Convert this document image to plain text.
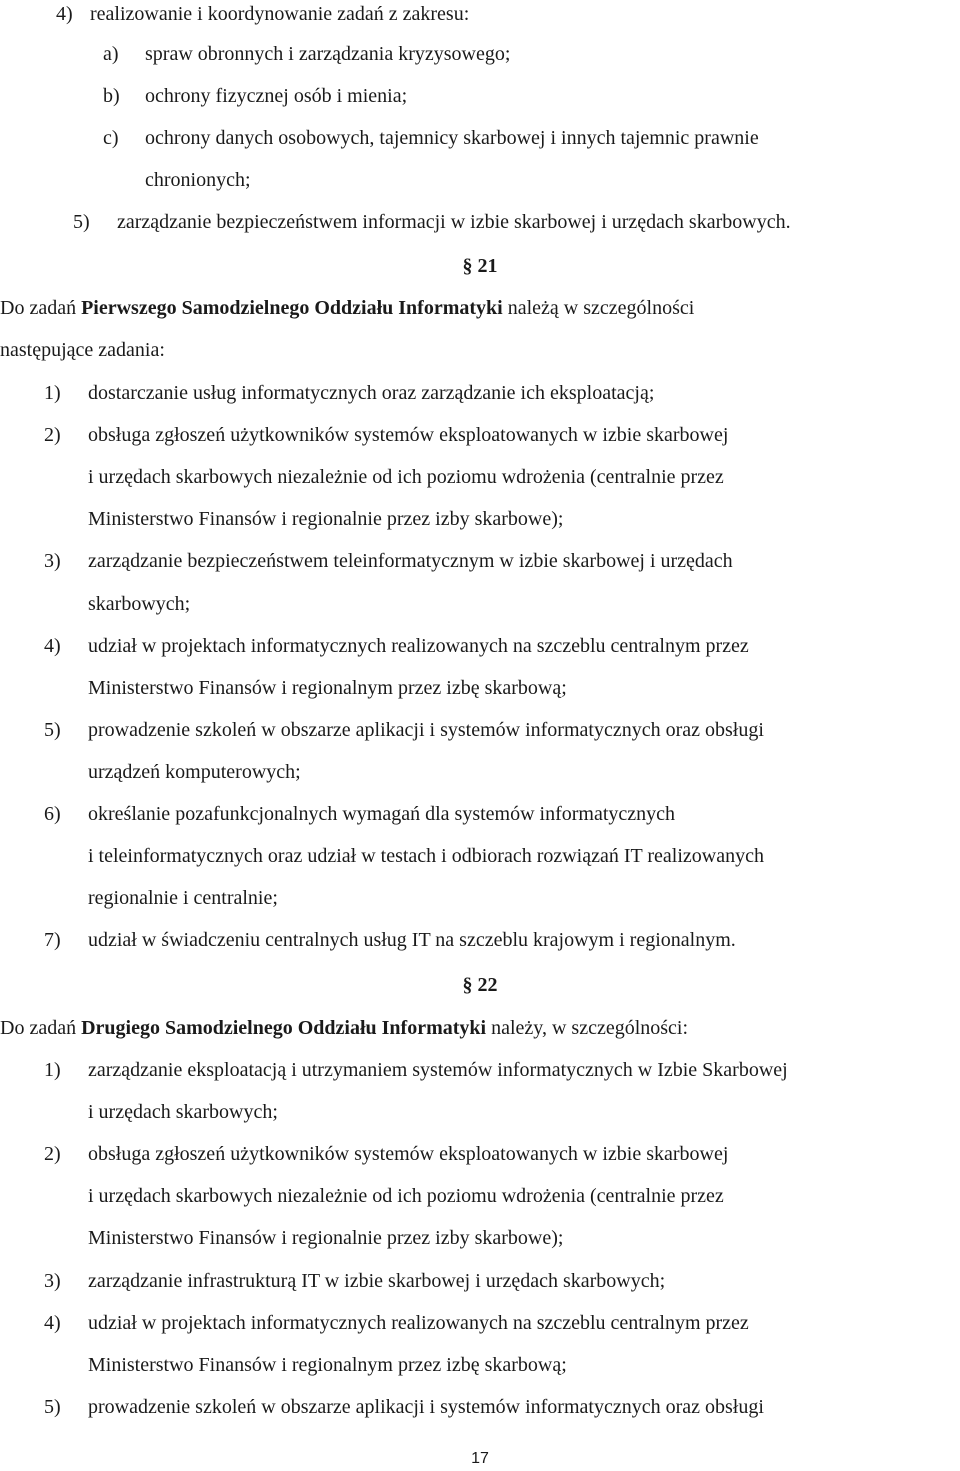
4) realizowanie i koordynowanie zadań z zakresu:
a) spraw obronnych i zarządzania kryzysowego;
b) ochrony fizycznej osób i mienia;
c) ochrony danych osobowych, tajemnicy skarbowej i innych tajemnic prawnie
chronionych;
5) zarządzanie bezpieczeństwem informacji w izbie skarbowej i urzędach skarbowych.
§ 21
Do zadań Pierwszego Samodzielnego Oddziału Informatyki należą w szczególności
następujące zadania:
1) dostarczanie usług informatycznych oraz zarządzanie ich eksploatacją;
2) obsługa zgłoszeń użytkowników systemów eksploatowanych w izbie skarbowej
i urzędach skarbowych niezależnie od ich poziomu wdrożenia (centralnie przez
Ministerstwo Finansów i regionalnie przez izby skarbowe);
3) zarządzanie bezpieczeństwem teleinformatycznym w izbie skarbowej i urzędach
skarbowych;
4) udział w projektach informatycznych realizowanych na szczeblu centralnym przez
Ministerstwo Finansów i regionalnym przez izbę skarbową;
5) prowadzenie szkoleń w obszarze aplikacji i systemów informatycznych oraz obsługi
urządzeń komputerowych;
6) określanie pozafunkcjonalnych wymagań dla systemów informatycznych
i teleinformatycznych oraz udział w testach i odbiorach rozwiązań IT realizowanych
regionalnie i centralnie;
7) udział w świadczeniu centralnych usług IT na szczeblu krajowym i regionalnym.
§ 22
Do zadań Drugiego Samodzielnego Oddziału Informatyki należy, w szczególności:
1) zarządzanie eksploatacją i utrzymaniem systemów informatycznych w Izbie Skarbowej
i urzędach skarbowych;
2) obsługa zgłoszeń użytkowników systemów eksploatowanych w izbie skarbowej
i urzędach skarbowych niezależnie od ich poziomu wdrożenia (centralnie przez
Ministerstwo Finansów i regionalnie przez izby skarbowe);
3) zarządzanie infrastrukturą IT w izbie skarbowej i urzędach skarbowych;
4) udział w projektach informatycznych realizowanych na szczeblu centralnym przez
Ministerstwo Finansów i regionalnym przez izbę skarbową;
5) prowadzenie szkoleń w obszarze aplikacji i systemów informatycznych oraz obsługi
17
